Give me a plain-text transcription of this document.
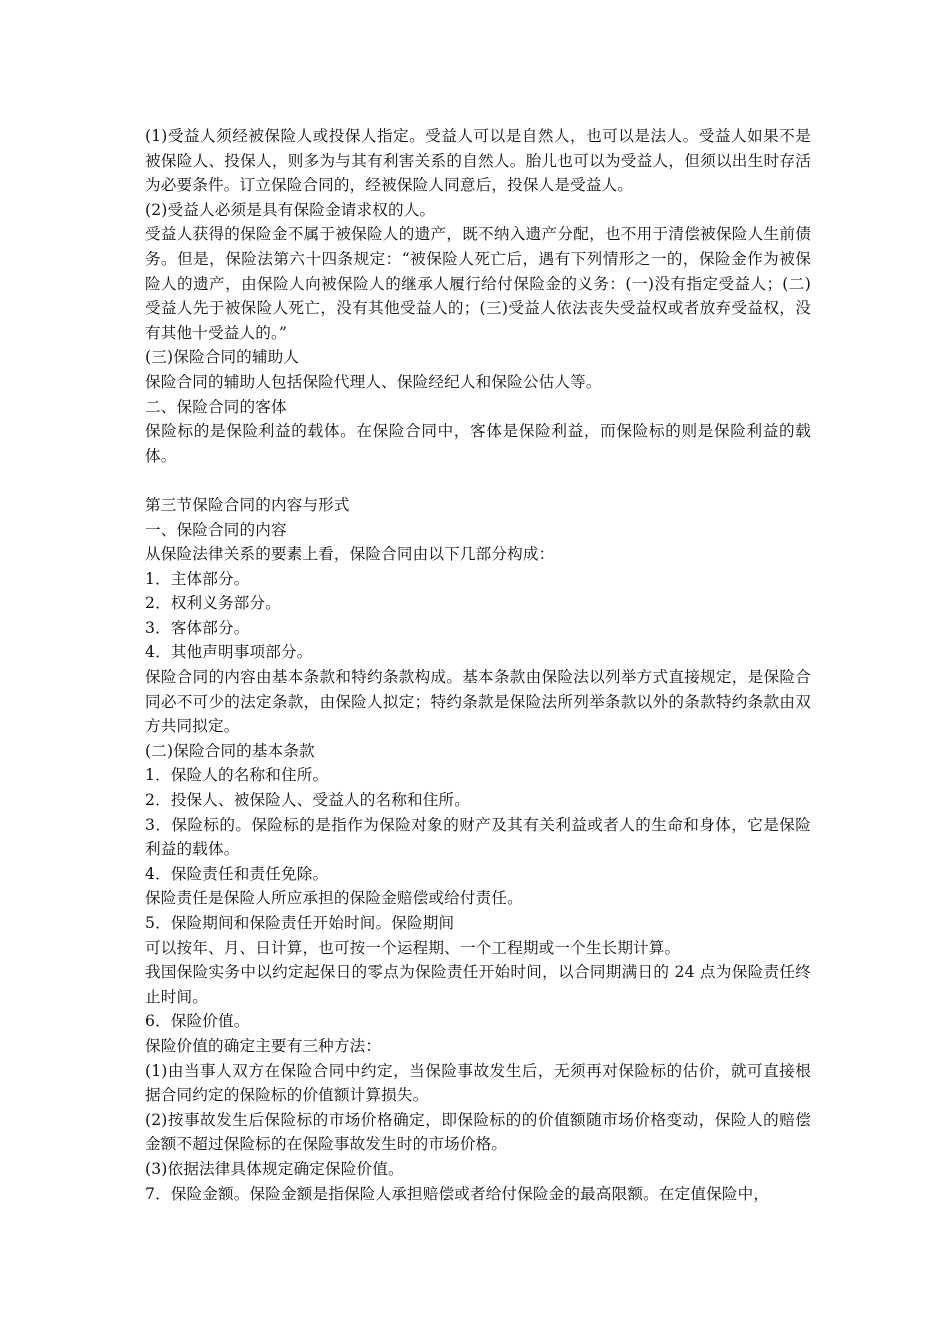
(1)受益人须经被保险人或投保人指定。受益人可以是自然人，也可以是法人。受益人如果不是被保险人、投保人，则多为与其有利害关系的自然人。胎儿也可以为受益人，但须以出生时存活为必要条件。订立保险合同的，经被保险人同意后，投保人是受益人。

(2)受益人必须是具有保险金请求权的人。

受益人获得的保险金不属于被保险人的遗产，既不纳入遗产分配，也不用于清偿被保险人生前债务。但是，保险法第六十四条规定：“被保险人死亡后，遇有下列情形之一的，保险金作为被保险人的遗产，由保险人向被保险人的继承人履行给付保险金的义务：(一)没有指定受益人；(二)受益人先于被保险人死亡，没有其他受益人的；(三)受益人依法丧失受益权或者放弃受益权，没有其他十受益人的。”

(三)保险合同的辅助人

保险合同的辅助人包括保险代理人、保险经纪人和保险公估人等。

二、保险合同的客体

保险标的是保险利益的载体。在保险合同中，客体是保险利益，而保险标的则是保险利益的载体。

第三节保险合同的内容与形式

一、保险合同的内容

从保险法律关系的要素上看，保险合同由以下几部分构成：

1．主体部分。

2．权利义务部分。

3．客体部分。

4．其他声明事项部分。

保险合同的内容由基本条款和特约条款构成。基本条款由保险法以列举方式直接规定，是保险合同必不可少的法定条款，由保险人拟定；特约条款是保险法所列举条款以外的条款特约条款由双方共同拟定。

(二)保险合同的基本条款

1．保险人的名称和住所。

2．投保人、被保险人、受益人的名称和住所。

3．保险标的。保险标的是指作为保险对象的财产及其有关利益或者人的生命和身体，它是保险利益的载体。

4．保险责任和责任免除。

保险责任是保险人所应承担的保险金赔偿或给付责任。

5．保险期间和保险责任开始时间。保险期间

可以按年、月、日计算，也可按一个运程期、一个工程期或一个生长期计算。

我国保险实务中以约定起保日的零点为保险责任开始时间，以合同期满日的 24 点为保险责任终止时间。

6．保险价值。

保险价值的确定主要有三种方法：

(1)由当事人双方在保险合同中约定，当保险事故发生后，无须再对保险标的估价，就可直接根据合同约定的保险标的价值额计算损失。

(2)按事故发生后保险标的市场价格确定，即保险标的的价值额随市场价格变动，保险人的赔偿金额不超过保险标的在保险事故发生时的市场价格。

(3)依据法律具体规定确定保险价值。

7．保险金额。保险金额是指保险人承担赔偿或者给付保险金的最高限额。在定值保险中，
